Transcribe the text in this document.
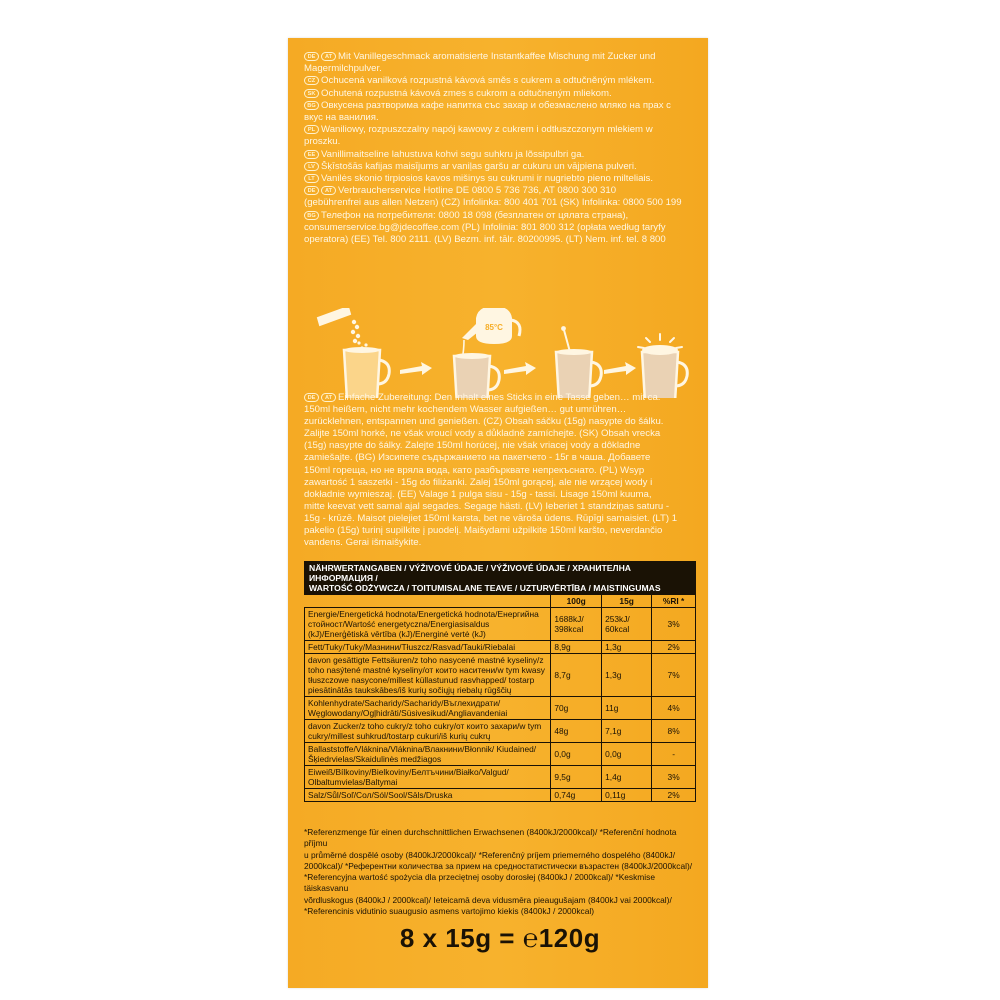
DE AT Mit Vanillegeschmack aromatisierte Instantkaffee Mischung mit Zucker und
Magermilchpulver.
CZ Ochucená vanilková rozpustná kávová směs s cukrem a odtučněným mlékem.
SK Ochutená rozpustná kávová zmes s cukrom a odtučneným mliekom.
BG Овкусена разтворима кафе напитка със захар и обезмаслено мляко на прах с
вкус на ванилия.
PL Waniliowy, rozpuszczalny napój kawowy z cukrem i odtłuszczonym mlekiem w
proszku.
EE Vanillimaitseline lahustuva kohvi segu suhkru ja lõssipulbri ga.
LV Šķīstošās kafijas maisījums ar vaniļas garšu ar cukuru un vājpiena pulveri.
LT Vanilės skonio tirpiosios kavos mišinys su cukrumi ir nugriebto pieno milteliais.
DE AT Verbraucherservice Hotline DE 0800 5 736 736, AT 0800 300 310
(gebührenfrei aus allen Netzen) (CZ) Infolinka: 800 401 701 (SK) Infolinka: 0800 500 199
BG Телефон на потребителя: 0800 18 098 (безплатен от цялата страна),
consumerservice.bg@jdecoffee.com (PL) Infolinia: 801 800 312 (opłata według taryfy
operatora) (EE) Tel. 800 2111. (LV) Bezm. inf. tālr. 80200995. (LT) Nem. inf. tel. 8 800
85°C
DE AT Einfache Zubereitung: Den Inhalt eines Sticks in eine Tasse geben… mit ca.
150ml heißem, nicht mehr kochendem Wasser aufgießen… gut umrühren…
zurücklehnen, entspannen und genießen. (CZ) Obsah sáčku (15g) nasypte do šálku.
Zalijte 150ml horké, ne však vroucí vody a důkladně zamíchejte. (SK) Obsah vrecka
(15g) nasypte do šálky. Zalejte 150ml horúcej, nie však vriacej vody a dôkladne
zamiešajte. (BG) Изсипете съдържанието на пакетчето - 15г в чаша. Добавете
150ml гореща, но не вряла вода, като разбърквате непрекъснато. (PL) Wsyp
zawartość 1 saszetki - 15g do filiżanki. Zalej 150ml gorącej, ale nie wrzącej wody i
dokładnie wymieszaj. (EE) Valage 1 pulga sisu - 15g - tassi. Lisage 150ml kuuma,
mitte keevat vett samal ajal segades. Segage hästi. (LV) Ieberiet 1 standziņas saturu -
15g - krūzē. Maisot pielejiet 150ml karsta, bet ne vāroša ūdens. Rūpīgi samaisiet. (LT) 1
pakelio (15g) turinį supilkite į puodelį. Maišydami užpilkite 150ml karšto, neverdančio
vandens. Gerai išmaišykite.
NÄHRWERTANGABEN / VÝŽIVOVÉ ÚDAJE / VÝŽIVOVÉ ÚDAJE / ХРАНИТЕЛНА ИНФОРМАЦИЯ /
WARTOŚĆ ODŻYWCZA / TOITUMISALANE TEAVE / UZTURVĒRTĪBA / MAISTINGUMAS			

	100g	15g	%RI *
Energie/Energetická hodnota/Energetická hodnota/Енергийна стойност/Wartość energetyczna/Energiasisaldus (kJ)/Enerģētiskā vērtība (kJ)/Energinė vertė (kJ)	1688kJ/ 398kcal	253kJ/ 60kcal	3%
Fett/Tuky/Tuky/Мазнини/Tłuszcz/Rasvad/Tauki/Riebalai	8,9g	1,3g	2%
davon gesättigte Fettsäuren/z toho nasycené mastné kyseliny/z toho nasýtené mastné kyseliny/от които наситени/w tym kwasy tłuszczowe nasycone/millest küllastunud rasvhapped/ tostarp piesātinātās taukskābes/iš kurių sočiųjų riebalų rūgščių	8,7g	1,3g	7%
Kohlenhydrate/Sacharidy/Sacharidy/Въглехидрати/ Węglowodany/Ogļhidrāti/Süsivesikud/Angliavandeniai	70g	11g	4%
davon Zucker/z toho cukry/z toho cukry/от които захари/w tym cukry/millest suhkrud/tostarp cukuri/iš kurių cukrų	48g	7,1g	8%
Ballaststoffe/Vláknina/Vláknina/Влакнини/Błonnik/ Kiudained/Šķiedrvielas/Skaidulinės medžiagos	0,0g	0,0g	-
Eiweiß/Bílkoviny/Bielkoviny/Белтъчини/Białko/Valgud/ Olbaltumvielas/Baltymai	9,5g	1,4g	3%
Salz/Sůl/Soľ/Сол/Sól/Sool/Sāls/Druska	0,74g	0,11g	2%
*Referenzmenge für einen durchschnittlichen Erwachsenen (8400kJ/2000kcal)/ *Referenční hodnota příjmu
u průměrné dospělé osoby (8400kJ/2000kcal)/ *Referenčný príjem priemerného dospelého (8400kJ/
2000kcal)/ *Референтни количества за прием на средностатистически възрастен (8400kJ/2000kcal)/
*Referencyjna wartość spożycia dla przeciętnej osoby dorosłej (8400kJ / 2000kcal)/ *Keskmise täiskasvanu
võrdluskogus (8400kJ / 2000kcal)/ Ieteicamā deva vidusmēra pieaugušajam (8400kJ vai 2000kcal)/
*Referencinis vidutinio suaugusio asmens vartojimo kiekis (8400kJ / 2000kcal)
8 x 15g = ℮120g
